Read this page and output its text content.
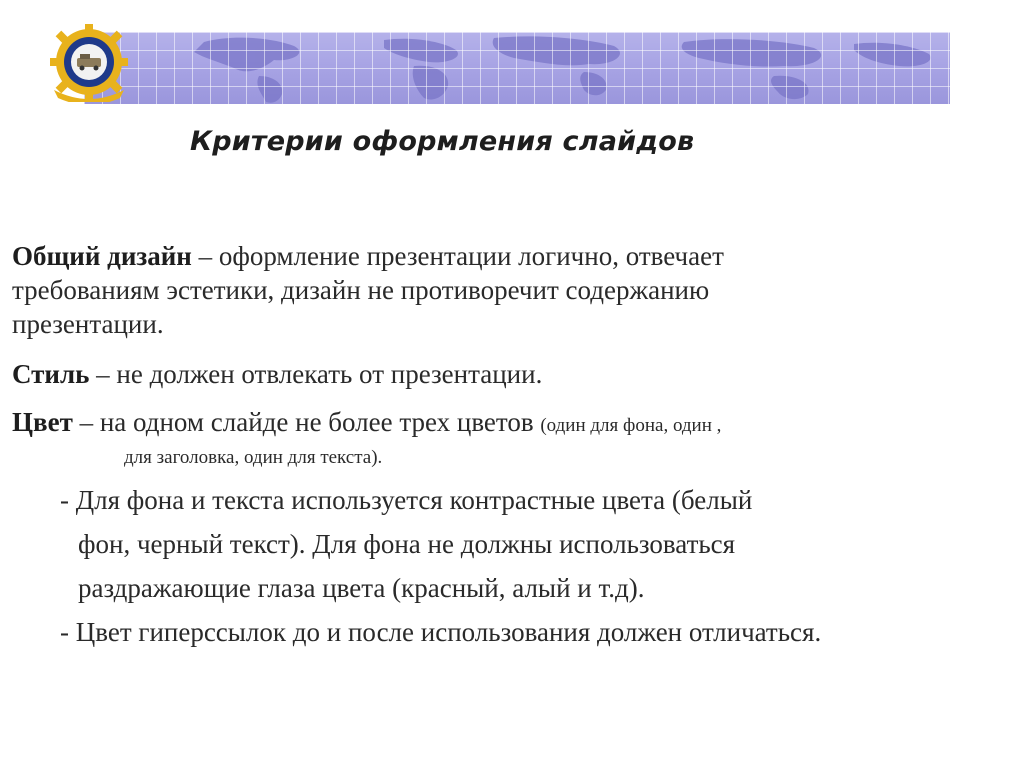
Критерии оформления слайдов

Общий дизайн – оформление презентации логично, отвечает
требованиям эстетики, дизайн не противоречит содержанию
презентации.

Стиль – не должен отвлекать от презентации.

Цвет – на одном слайде не более трех цветов (один для фона, один ,

для заголовка, один для текста).
- Для фона и текста используется контрастные цвета (белый
фон, черный текст). Для фона не должны использоваться
раздражающие глаза цвета (красный, алый и т.д).
- Цвет гиперссылок до и после использования должен отличаться.
